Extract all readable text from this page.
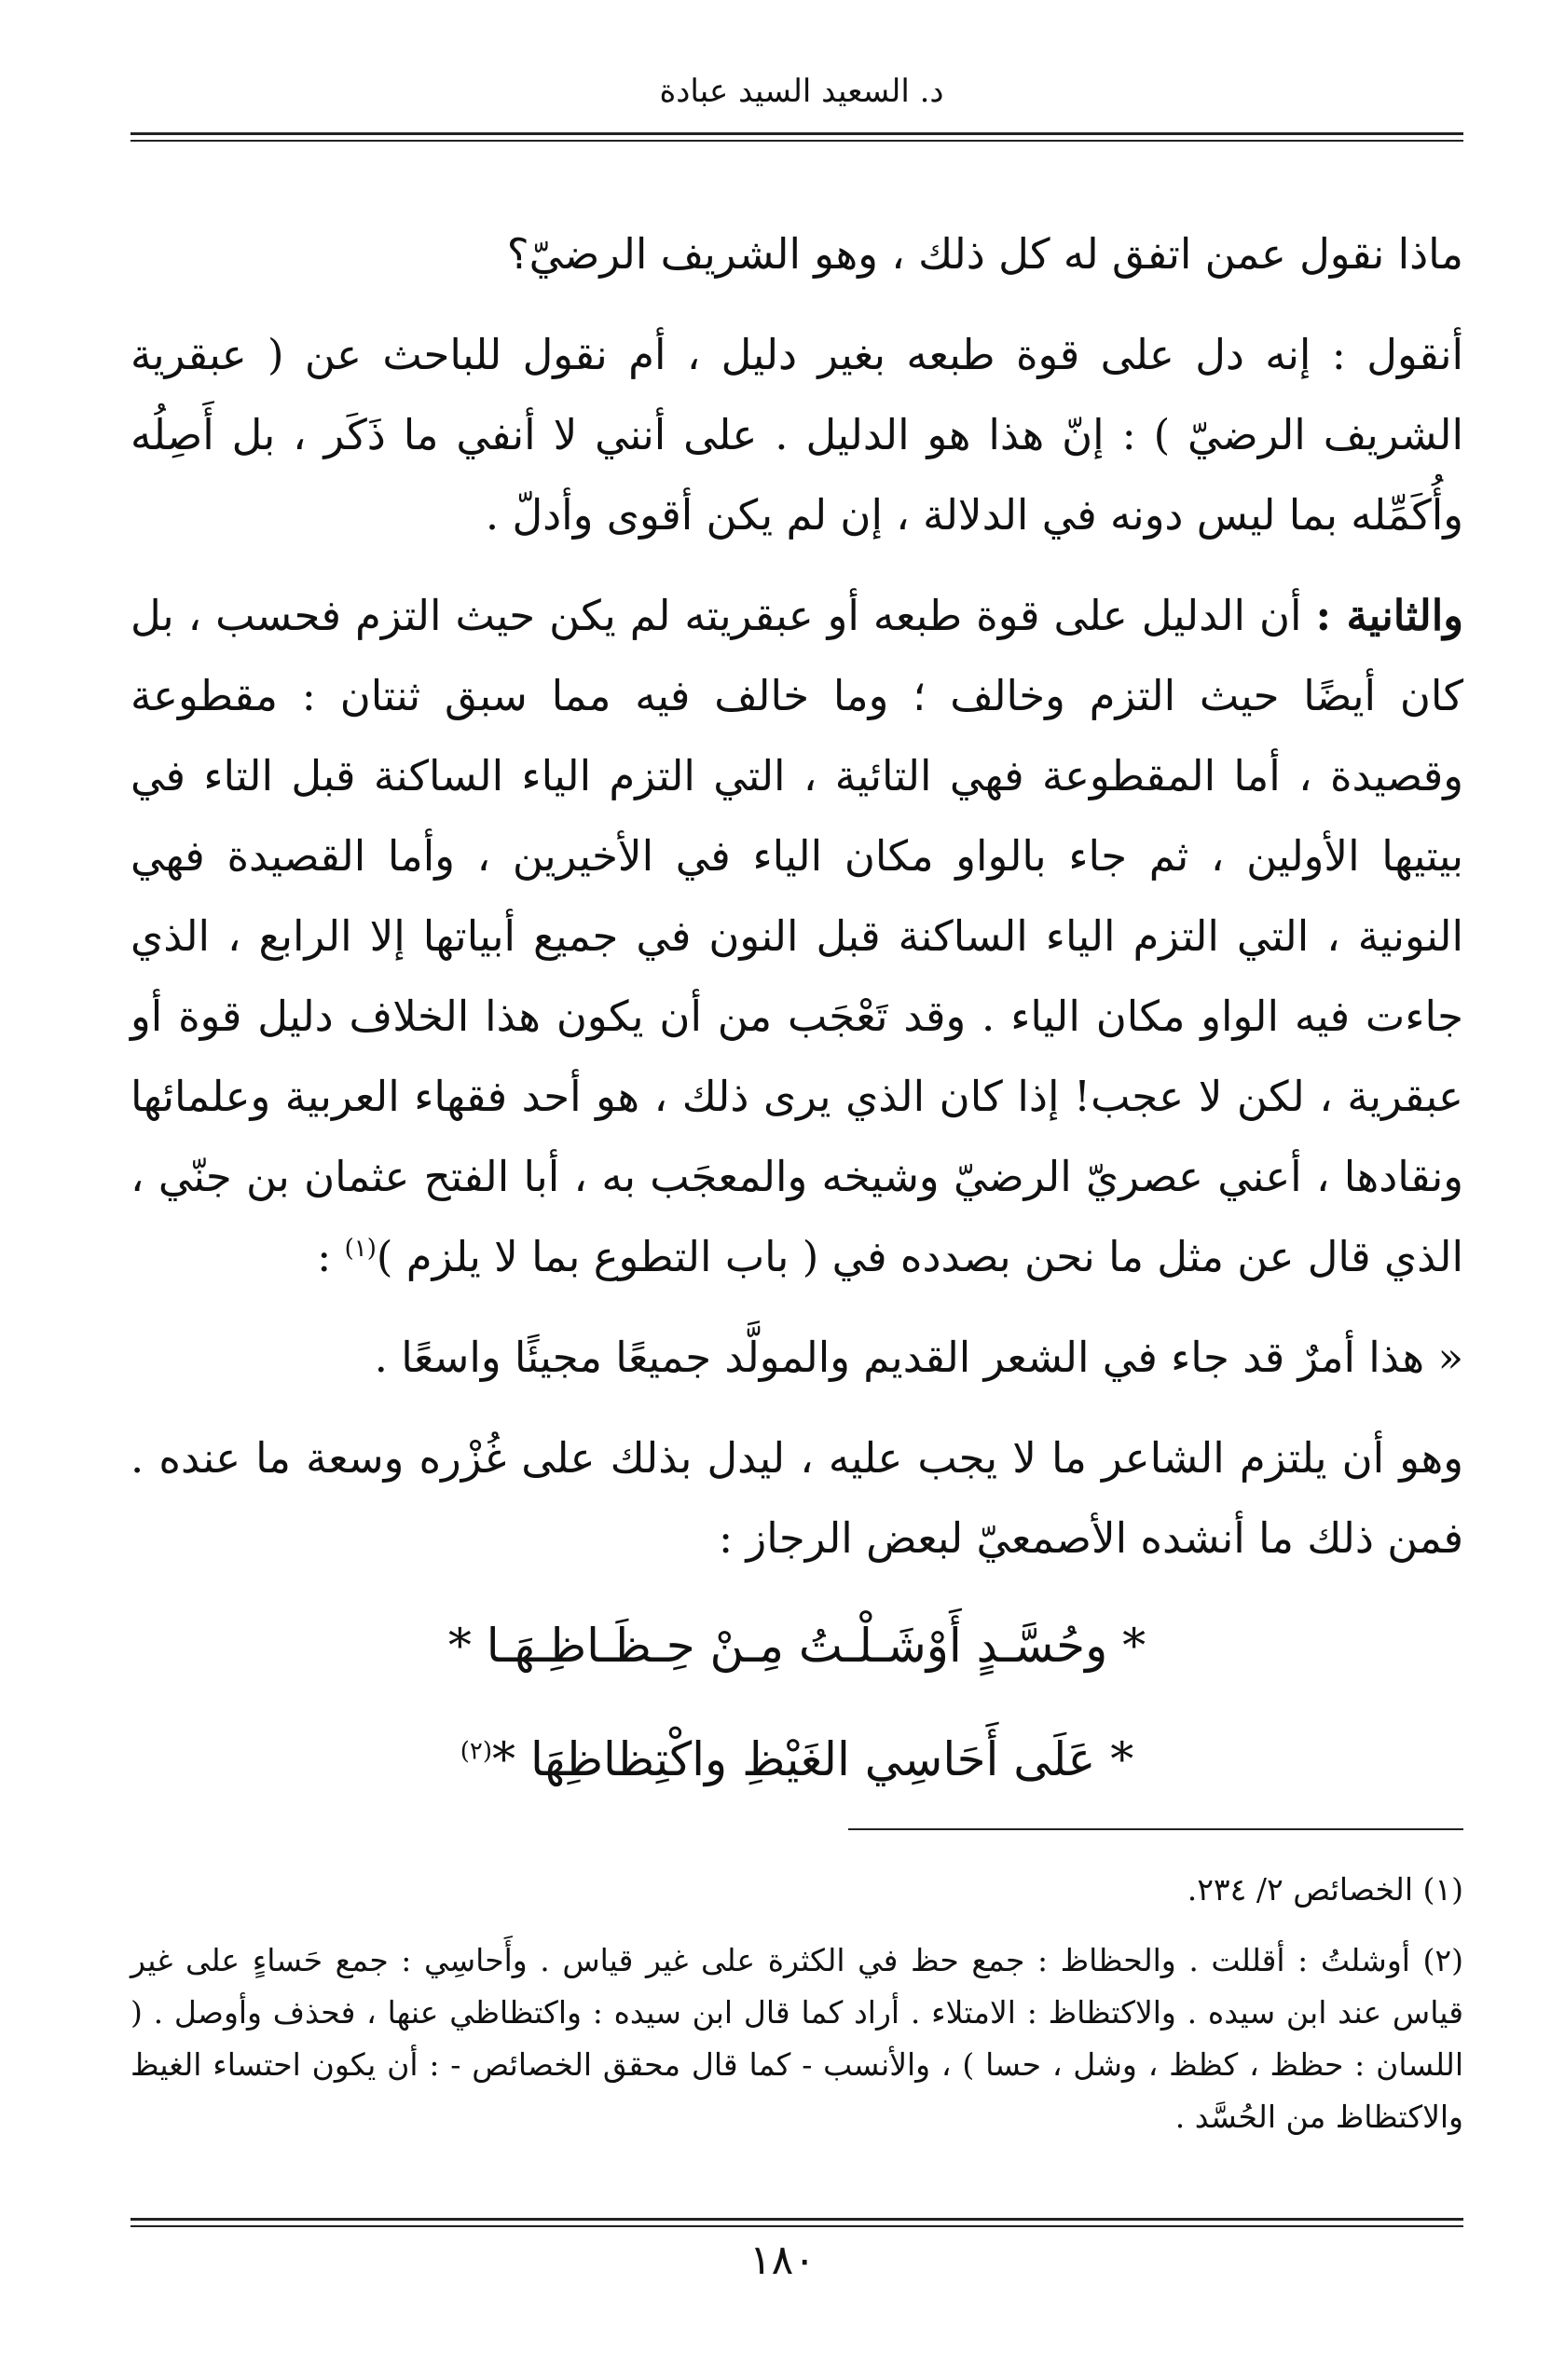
د. السعيد السيد عبادة

ماذا نقول عمن اتفق له كل ذلك ، وهو الشريف الرضيّ؟

أنقول : إنه دل على قوة طبعه بغير دليل ، أم نقول للباحث عن ( عبقرية الشريف الرضيّ ) : إنّ هذا هو الدليل . على أنني لا أنفي ما ذَكَر ، بل أَصِلُه وأُكَمِّله بما ليس دونه في الدلالة ، إن لم يكن أقوى وأدلّ .

والثانية : أن الدليل على قوة طبعه أو عبقريته لم يكن حيث التزم فحسب ، بل كان أيضًا حيث التزم وخالف ؛ وما خالف فيه مما سبق ثنتان : مقطوعة وقصيدة ، أما المقطوعة فهي التائية ، التي التزم الياء الساكنة قبل التاء في بيتيها الأولين ، ثم جاء بالواو مكان الياء في الأخيرين ، وأما القصيدة فهي النونية ، التي التزم الياء الساكنة قبل النون في جميع أبياتها إلا الرابع ، الذي جاءت فيه الواو مكان الياء . وقد تَعْجَب من أن يكون هذا الخلاف دليل قوة أو عبقرية ، لكن لا عجب! إذا كان الذي يرى ذلك ، هو أحد فقهاء العربية وعلمائها ونقادها ، أعني عصريّ الرضيّ وشيخه والمعجَب به ، أبا الفتح عثمان بن جنّي ، الذي قال عن مثل ما نحن بصدده في ( باب التطوع بما لا يلزم )$^{(١)}$ :

« هذا أمرٌ قد جاء في الشعر القديم والمولَّد جميعًا مجيئًا واسعًا .

وهو أن يلتزم الشاعر ما لا يجب عليه ، ليدل بذلك على غُزْره وسعة ما عنده . فمن ذلك ما أنشده الأصمعيّ لبعض الرجاز :

* وحُسَّـدٍ أَوْشَـلْـتُ مِـنْ حِـظَـاظِـهَـا *

* عَلَى أَحَاسِي الغَيْظِ واكْتِظاظِهَا *$^{(٢)}$

(١) الخصائص ٢/ ٢٣٤.

(٢) أوشلتُ : أقللت . والحظاظ : جمع حظ في الكثرة على غير قياس . وأَحاسِي : جمع حَساءٍ على غير قياس عند ابن سيده . والاكتظاظ : الامتلاء . أراد كما قال ابن سيده : واكتظاظي عنها ، فحذف وأوصل . ( اللسان : حظظ ، كظظ ، وشل ، حسا ) ، والأنسب - كما قال محقق الخصائص - : أن يكون احتساء الغيظ والاكتظاظ من الحُسَّد .

١٨٠
